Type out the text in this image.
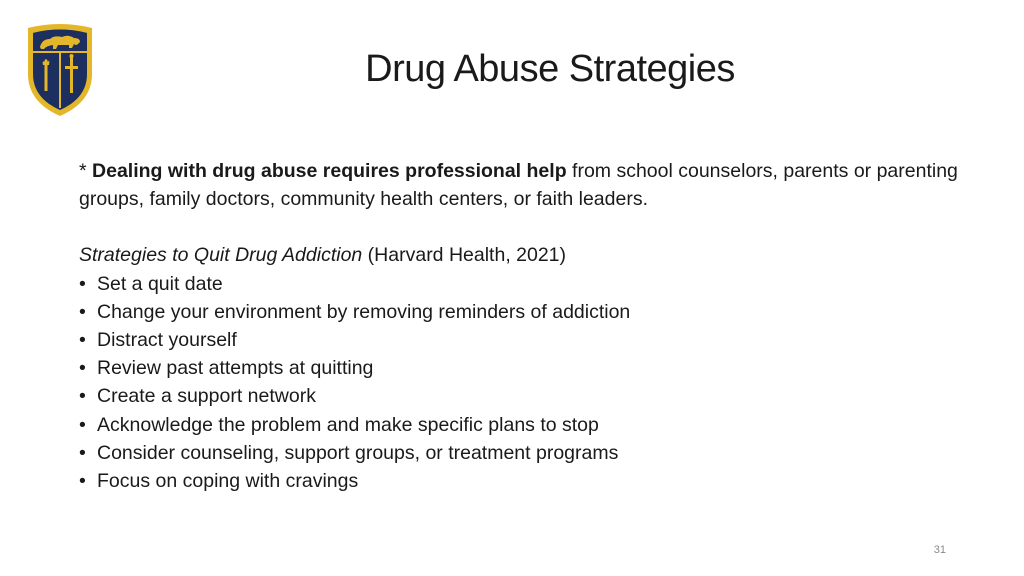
Drug Abuse Strategies

* Dealing with drug abuse requires professional help from school counselors, parents or parenting groups, family doctors, community health centers, or faith leaders.

Strategies to Quit Drug Addiction (Harvard Health, 2021)

• Set a quit date
• Change your environment by removing reminders of addiction
• Distract yourself
• Review past attempts at quitting
• Create a support network
• Acknowledge the problem and make specific plans to stop
• Consider counseling, support groups, or treatment programs
• Focus on coping with cravings
31
